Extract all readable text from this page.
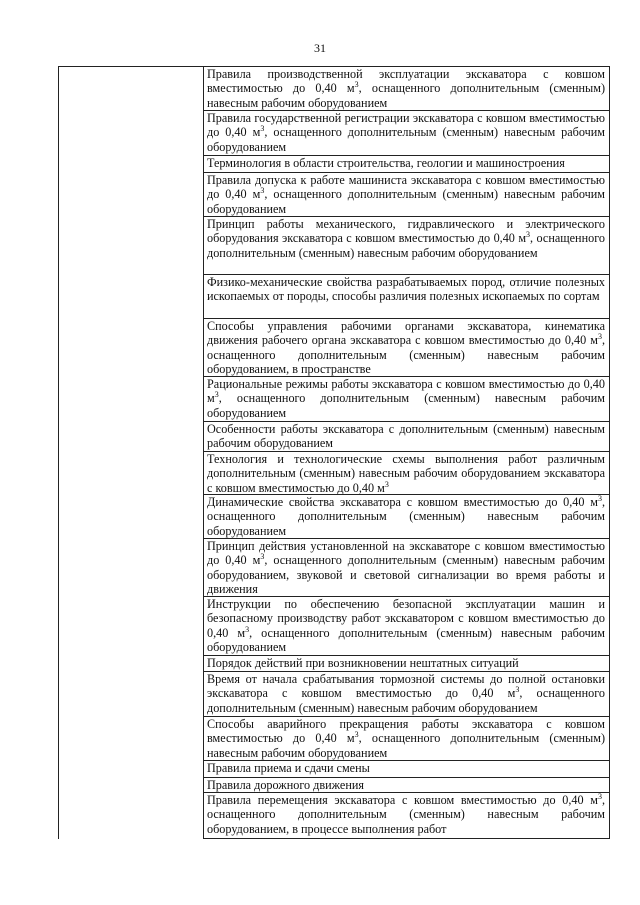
31
Правила производственной эксплуатации экскаватора с ковшом вместимостью до 0,40 $м^3$, оснащенного дополнительным (сменным) навесным рабочим оборудованием
Правила государственной регистрации экскаватора с ковшом вместимостью до 0,40 $м^3$, оснащенного дополнительным (сменным) навесным рабочим оборудованием
Терминология в области строительства, геологии и машиностроения
Правила допуска к работе машиниста экскаватора с ковшом вместимостью до 0,40 $м^3$, оснащенного дополнительным (сменным) навесным рабочим оборудованием
Принцип работы механического, гидравлического и электрического оборудования экскаватора с ковшом вместимостью до 0,40 $м^3$, оснащенного дополнительным (сменным) навесным рабочим оборудованием
Физико-механические свойства разрабатываемых пород, отличие полезных ископаемых от породы, способы различия полезных ископаемых по сортам
Способы управления рабочими органами экскаватора, кинематика движения рабочего органа экскаватора с ковшом вместимостью до 0,40 $м^3$, оснащенного дополнительным (сменным) навесным рабочим оборудованием, в пространстве
Рациональные режимы работы экскаватора с ковшом вместимостью до 0,40 $м^3$, оснащенного дополнительным (сменным) навесным рабочим оборудованием
Особенности работы экскаватора с дополнительным (сменным) навесным рабочим оборудованием
Технология и технологические схемы выполнения работ различным дополнительным (сменным) навесным рабочим оборудованием экскаватора с ковшом вместимостью до 0,40 $м^3$
Динамические свойства экскаватора с ковшом вместимостью до 0,40 $м^3$, оснащенного дополнительным (сменным) навесным рабочим оборудованием
Принцип действия установленной на экскаваторе с ковшом вместимостью до 0,40 $м^3$, оснащенного дополнительным (сменным) навесным рабочим оборудованием, звуковой и световой сигнализации во время работы и движения
Инструкции по обеспечению безопасной эксплуатации машин и безопасному производству работ экскаватором с ковшом вместимостью до 0,40 $м^3$, оснащенного дополнительным (сменным) навесным рабочим оборудованием
Порядок действий при возникновении нештатных ситуаций
Время от начала срабатывания тормозной системы до полной остановки экскаватора с ковшом вместимостью до 0,40 $м^3$, оснащенного дополнительным (сменным) навесным рабочим оборудованием
Способы аварийного прекращения работы экскаватора с ковшом вместимостью до 0,40 $м^3$, оснащенного дополнительным (сменным) навесным рабочим оборудованием
Правила приема и сдачи смены
Правила дорожного движения
Правила перемещения экскаватора с ковшом вместимостью до 0,40 $м^3$, оснащенного дополнительным (сменным) навесным рабочим оборудованием, в процессе выполнения работ
